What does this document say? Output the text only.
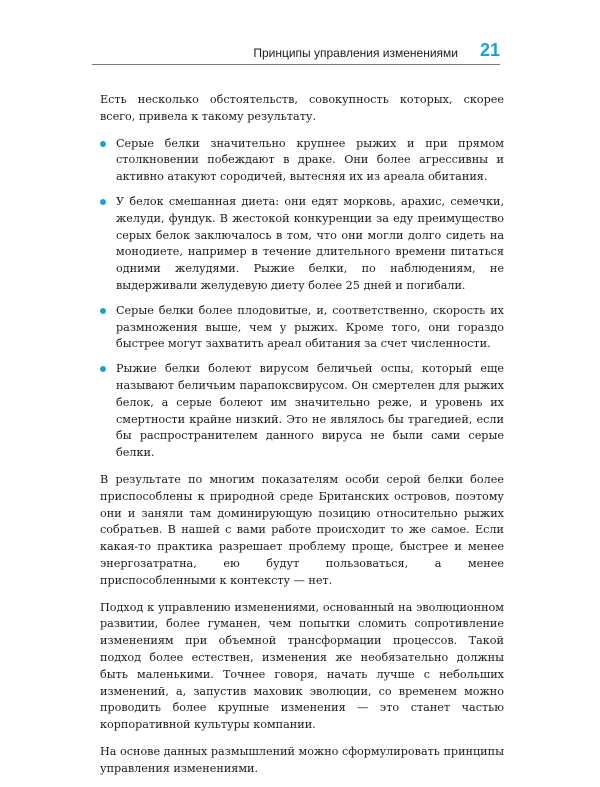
Принципы управления изменениями 21

Есть несколько обстоятельств, совокупность которых, скорее всего, привела к такому результату.

Серые белки значительно крупнее рыжих и при прямом столкновении побеждают в драке. Они более агрессивны и активно атакуют сородичей, вытесняя их из ареала обитания.
У белок смешанная диета: они едят морковь, арахис, семечки, желуди, фундук. В жестокой конкуренции за еду преимущество серых белок заключалось в том, что они могли долго сидеть на монодиете, например в течение длительного времени питаться одними желудями. Рыжие белки, по наблюдениям, не выдерживали желудевую диету более 25 дней и погибали.
Серые белки более плодовитые, и, соответственно, скорость их размножения выше, чем у рыжих. Кроме того, они гораздо быстрее могут захватить ареал обитания за счет численности.
Рыжие белки болеют вирусом беличьей оспы, который еще называют беличьим парапоксвирусом. Он смертелен для рыжих белок, а серые болеют им значительно реже, и уровень их смертности крайне низкий. Это не являлось бы трагедией, если бы распространителем данного вируса не были сами серые белки.

В результате по многим показателям особи серой белки более приспособлены к природной среде Британских островов, поэтому они и заняли там доминирующую позицию относительно рыжих собратьев. В нашей с вами работе происходит то же самое. Если какая-то практика разрешает проблему проще, быстрее и менее энергозатратна, ею будут пользоваться, а менее приспособленными к контексту — нет.

Подход к управлению изменениями, основанный на эволюционном развитии, более гуманен, чем попытки сломить сопротивление изменениям при объемной трансформации процессов. Такой подход более естествен, изменения же необязательно должны быть маленькими. Точнее говоря, начать лучше с небольших изменений, а, запустив маховик эволюции, со временем можно проводить более крупные изменения — это станет частью корпоративной культуры компании.

На основе данных размышлений можно сформулировать принципы управления изменениями.
